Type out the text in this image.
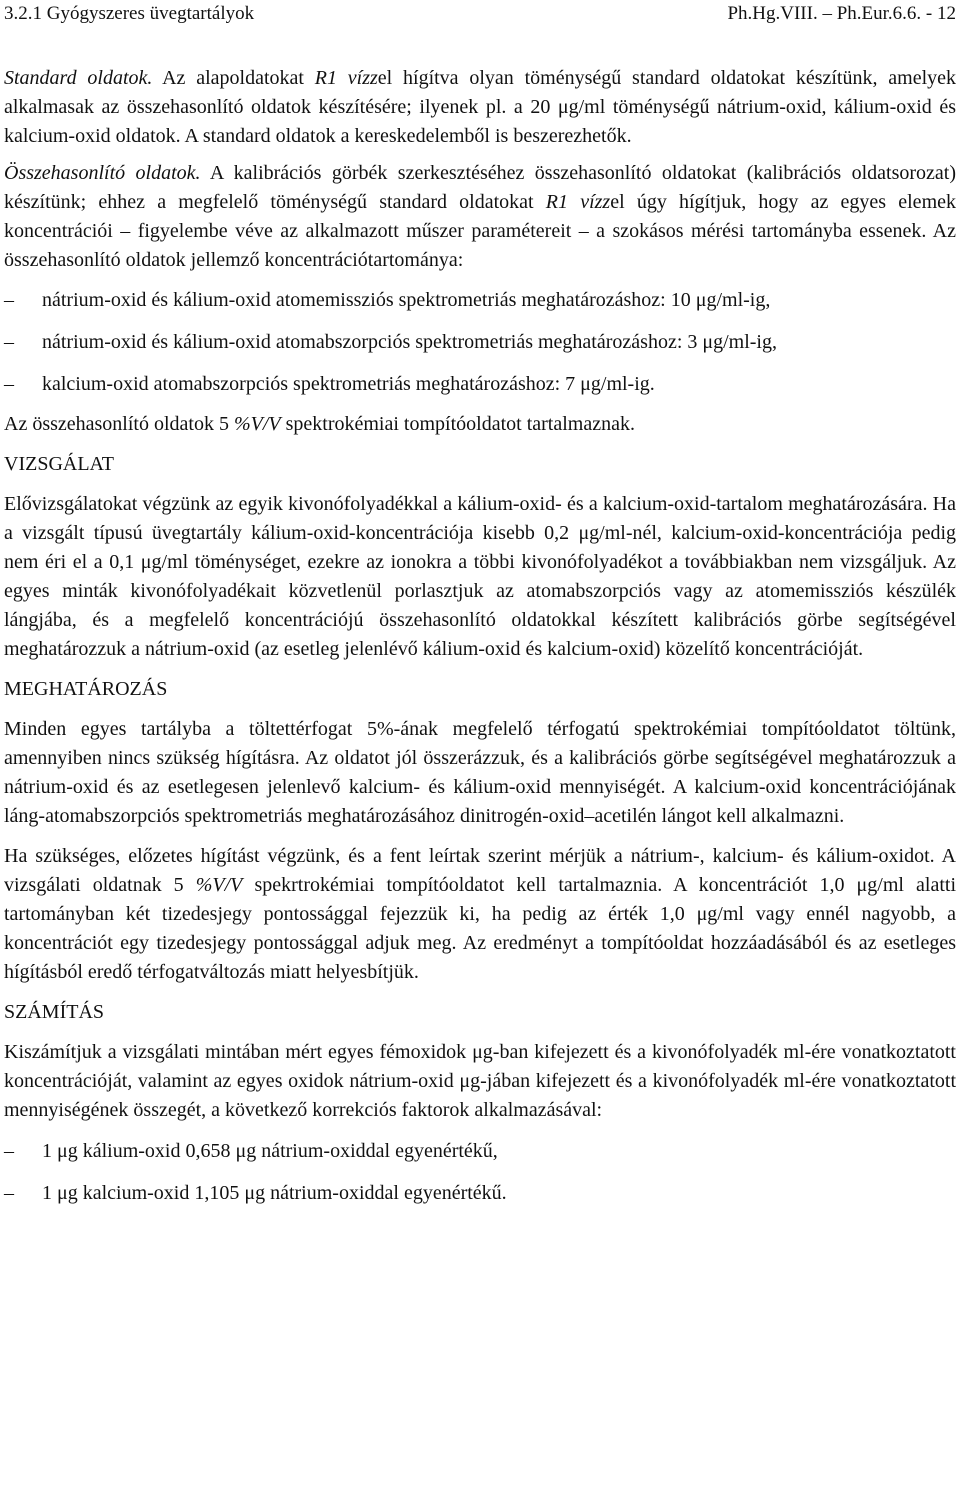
3.2.1 Gyógyszeres üvegtartályok	Ph.Hg.VIII. – Ph.Eur.6.6. - 12

Standard oldatok. Az alapoldatokat R1 vízzel hígítva olyan töménységű standard oldatokat készítünk, amelyek alkalmasak az összehasonlító oldatok készítésére; ilyenek pl. a 20 μg/ml töménységű nátrium-oxid, kálium-oxid és kalcium-oxid oldatok. A standard oldatok a kereskedelemből is beszerezhetők.

Összehasonlító oldatok. A kalibrációs görbék szerkesztéséhez összehasonlító oldatokat (kalibrációs oldatsorozat) készítünk; ehhez a megfelelő töménységű standard oldatokat R1 vízzel úgy hígítjuk, hogy az egyes elemek koncentrációi – figyelembe véve az alkalmazott műszer paramétereit – a szokásos mérési tartományba essenek. Az összehasonlító oldatok jellemző koncentrációtartománya:

–	nátrium-oxid és kálium-oxid atomemissziós spektrometriás meghatározáshoz: 10 μg/ml-ig,
–	nátrium-oxid és kálium-oxid atomabszorpciós spektrometriás meghatározáshoz: 3 μg/ml-ig,
–	kalcium-oxid atomabszorpciós spektrometriás meghatározáshoz: 7 μg/ml-ig.

Az összehasonlító oldatok 5 %V/V spektrokémiai tompítóoldatot tartalmaznak.

VIZSGÁLAT

Elővizsgálatokat végzünk az egyik kivonófolyadékkal a kálium-oxid- és a kalcium-oxid-tartalom meghatározására. Ha a vizsgált típusú üvegtartály kálium-oxid-koncentrációja kisebb 0,2 μg/ml-nél, kalcium-oxid-koncentrációja pedig nem éri el a 0,1 μg/ml töménységet, ezekre az ionokra a többi kivonófolyadékot a továbbiakban nem vizsgáljuk. Az egyes minták kivonófolyadékait közvetlenül porlasztjuk az atomabszorpciós vagy az atomemissziós készülék lángjába, és a megfelelő koncentrációjú összehasonlító oldatokkal készített kalibrációs görbe segítségével meghatározzuk a nátrium-oxid (az esetleg jelenlévő kálium-oxid és kalcium-oxid) közelítő koncentrációját.

MEGHATÁROZÁS

Minden egyes tartályba a töltettérfogat 5%-ának megfelelő térfogatú spektrokémiai tompítóoldatot töltünk, amennyiben nincs szükség hígításra. Az oldatot jól összerázzuk, és a kalibrációs görbe segítségével meghatározzuk a nátrium-oxid és az esetlegesen jelenlevő kalcium- és kálium-oxid mennyiségét. A kalcium-oxid koncentrációjának láng-atomabszorpciós spektrometriás meghatározásához dinitrogén-oxid–acetilén lángot kell alkalmazni.

Ha szükséges, előzetes hígítást végzünk, és a fent leírtak szerint mérjük a nátrium-, kalcium- és kálium-oxidot. A vizsgálati oldatnak 5 %V/V spekrtrokémiai tompítóoldatot kell tartalmaznia. A koncentrációt 1,0 μg/ml alatti tartományban két tizedesjegy pontossággal fejezzük ki, ha pedig az érték 1,0 μg/ml vagy ennél nagyobb, a koncentrációt egy tizedesjegy pontossággal adjuk meg. Az eredményt a tompítóoldat hozzáadásából és az esetleges hígításból eredő térfogatváltozás miatt helyesbítjük.

SZÁMÍTÁS

Kiszámítjuk a vizsgálati mintában mért egyes fémoxidok μg-ban kifejezett és a kivonófolyadék ml-ére vonatkoztatott koncentrációját, valamint az egyes oxidok nátrium-oxid μg-jában kifejezett és a kivonófolyadék ml-ére vonatkoztatott mennyiségének összegét, a következő korrekciós faktorok alkalmazásával:

–	1 μg kálium-oxid 0,658 μg nátrium-oxiddal egyenértékű,
–	1 μg kalcium-oxid 1,105 μg nátrium-oxiddal egyenértékű.
